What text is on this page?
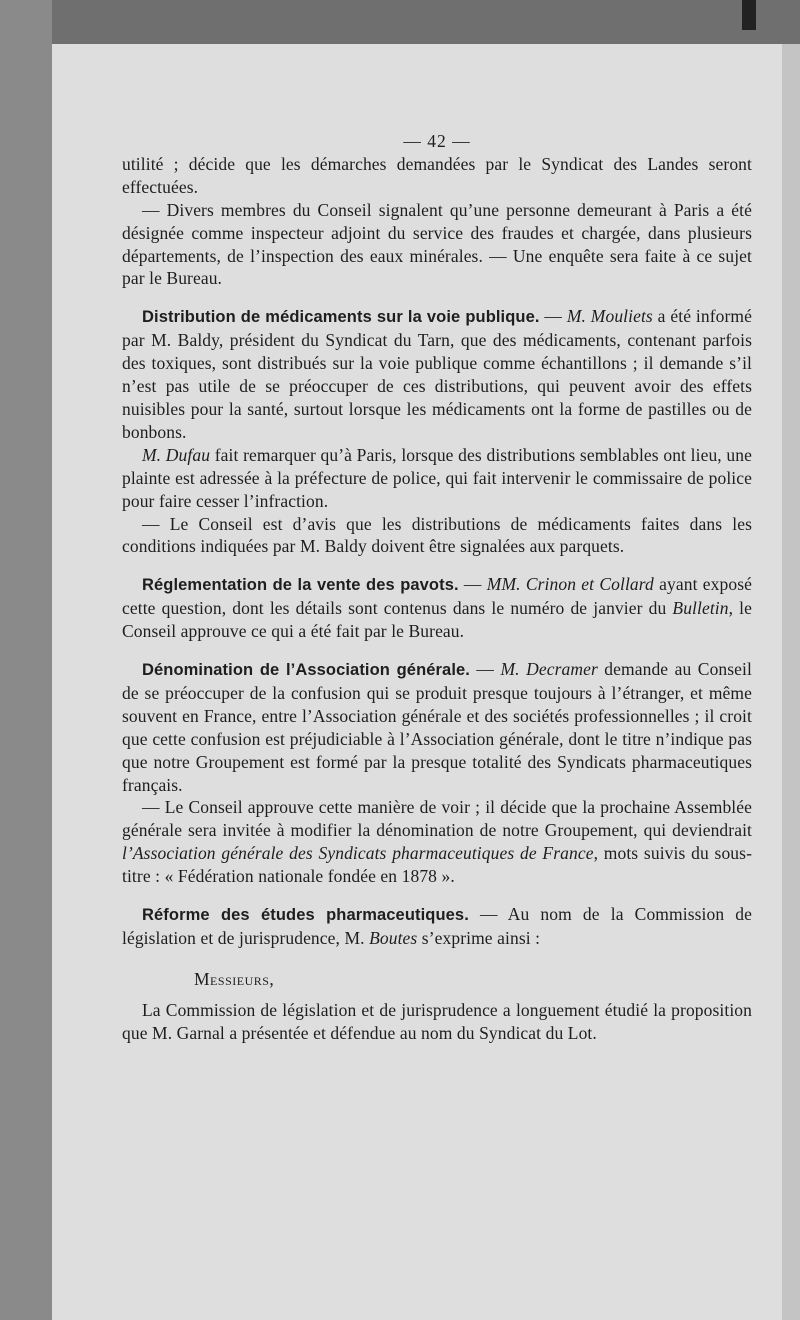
— 42 —

utilité ; décide que les démarches demandées par le Syndicat des Landes seront effectuées.

— Divers membres du Conseil signalent qu’une personne demeurant à Paris a été désignée comme inspecteur adjoint du service des fraudes et chargée, dans plusieurs départements, de l’inspection des eaux minérales. — Une enquête sera faite à ce sujet par le Bureau.

Distribution de médicaments sur la voie publique. — M. Mouliets a été informé par M. Baldy, président du Syndicat du Tarn, que des médicaments, contenant parfois des toxiques, sont distribués sur la voie publique comme échantillons ; il demande s’il n’est pas utile de se préoccuper de ces distributions, qui peuvent avoir des effets nuisibles pour la santé, surtout lorsque les médicaments ont la forme de pastilles ou de bonbons.

M. Dufau fait remarquer qu’à Paris, lorsque des distributions semblables ont lieu, une plainte est adressée à la préfecture de police, qui fait intervenir le commissaire de police pour faire cesser l’infraction.

— Le Conseil est d’avis que les distributions de médicaments faites dans les conditions indiquées par M. Baldy doivent être signalées aux parquets.

Réglementation de la vente des pavots. — MM. Crinon et Collard ayant exposé cette question, dont les détails sont contenus dans le numéro de janvier du Bulletin, le Conseil approuve ce qui a été fait par le Bureau.

Dénomination de l’Association générale. — M. Decramer demande au Conseil de se préoccuper de la confusion qui se produit presque toujours à l’étranger, et même souvent en France, entre l’Association générale et des sociétés professionnelles ; il croit que cette confusion est préjudiciable à l’Association générale, dont le titre n’indique pas que notre Groupement est formé par la presque totalité des Syndicats pharmaceutiques français.

— Le Conseil approuve cette manière de voir ; il décide que la prochaine Assemblée générale sera invitée à modifier la dénomination de notre Groupement, qui deviendrait l’Association générale des Syndicats pharmaceutiques de France, mots suivis du sous-titre : « Fédération nationale fondée en 1878 ».

Réforme des études pharmaceutiques. — Au nom de la Commission de législation et de jurisprudence, M. Boutes s’exprime ainsi :

Messieurs,

La Commission de législation et de jurisprudence a longuement étudié la proposition que M. Garnal a présentée et défendue au nom du Syndicat du Lot.
